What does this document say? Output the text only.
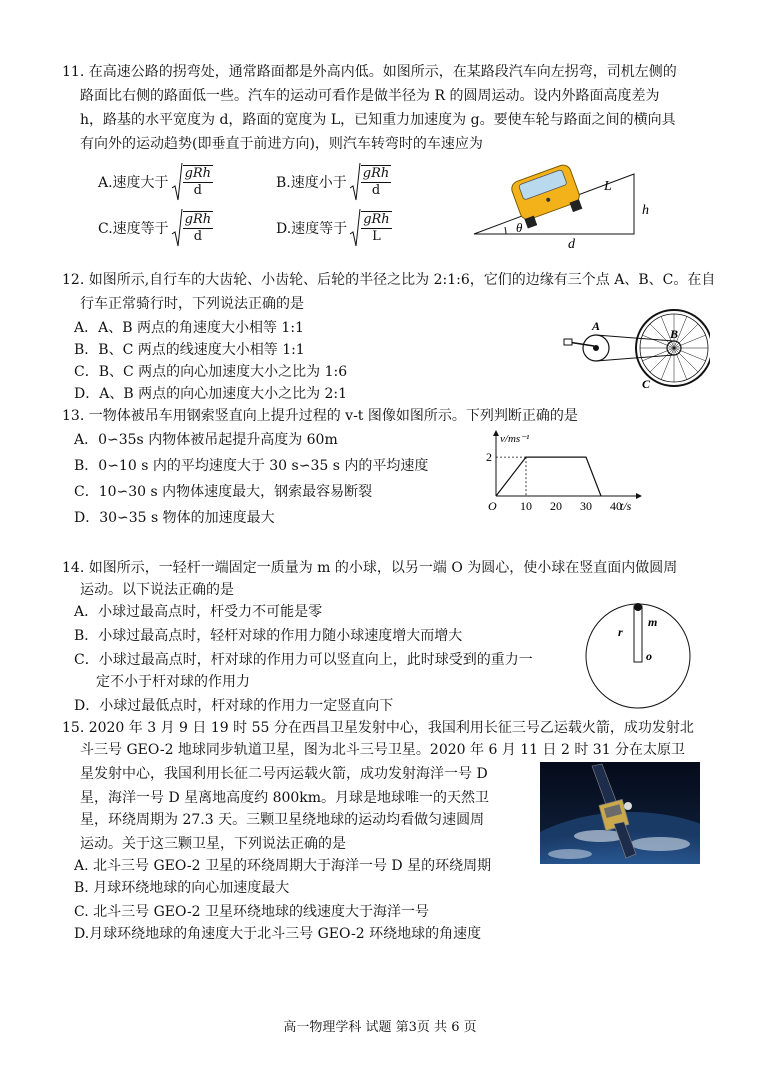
11. 在高速公路的拐弯处，通常路面都是外高内低。如图所示，在某路段汽车向左拐弯，司机左侧的
路面比右侧的路面低一些。汽车的运动可看作是做半径为 R 的圆周运动。设内外路面高度差为
h，路基的水平宽度为 d，路面的宽度为 L，已知重力加速度为 g。要使车轮与路面之间的横向具
有向外的运动趋势(即垂直于前进方向)，则汽车转弯时的车速应为
A.速度大于
gRh
d	B.速度小于
gRh
d
C.速度等于
gRh
d	D.速度等于
gRh
L
L
h
d
θ
12. 如图所示,自行车的大齿轮、小齿轮、后轮的半径之比为 2:1:6，它们的边缘有三个点 A、B、C。在自
行车正常骑行时，下列说法正确的是
A．A、B 两点的角速度大小相等 1:1
B．B、C 两点的线速度大小相等 1:1
C．B、C 两点的向心加速度大小之比为 1:6
D．A、B 两点的向心加速度大小之比为 2:1
A
B
C
13. 一物体被吊车用钢索竖直向上提升过程的 v-t 图像如图所示。下列判断正确的是
A．0∽35s 内物体被吊起提升高度为 60m
B．0∽10 s 内的平均速度大于 30 s∽35 s 内的平均速度
C．10∽30 s 内物体速度最大，钢索最容易断裂
D．30∽35 s 物体的加速度最大
10 20 30 40
2
v/ms⁻¹
t/s
O
14. 如图所示，一轻杆一端固定一质量为 m 的小球，以另一端 O 为圆心，使小球在竖直面内做圆周
运动。以下说法正确的是
A．小球过最高点时，杆受力不可能是零
B．小球过最高点时，轻杆对球的作用力随小球速度增大而增大
C．小球过最高点时，杆对球的作用力可以竖直向上，此时球受到的重力一
定不小于杆对球的作用力
D．小球过最低点时，杆对球的作用力一定竖直向下
r
m
o
15. 2020 年 3 月 9 日 19 时 55 分在西昌卫星发射中心，我国利用长征三号乙运载火箭，成功发射北
斗三号 GEO-2 地球同步轨道卫星，图为北斗三号卫星。2020 年 6 月 11 日 2 时 31 分在太原卫
星发射中心，我国利用长征二号丙运载火箭，成功发射海洋一号 D
星，海洋一号 D 星离地高度约 800km。月球是地球唯一的天然卫
星，环绕周期为 27.3 天。三颗卫星绕地球的运动均看做匀速圆周
运动。关于这三颗卫星，下列说法正确的是
A. 北斗三号 GEO-2 卫星的环绕周期大于海洋一号 D 星的环绕周期
B. 月球环绕地球的向心加速度最大
C. 北斗三号 GEO-2 卫星环绕地球的线速度大于海洋一号
D.月球环绕地球的角速度大于北斗三号 GEO-2 环绕地球的角速度
高一物理学科 试题 第3页 共 6 页
